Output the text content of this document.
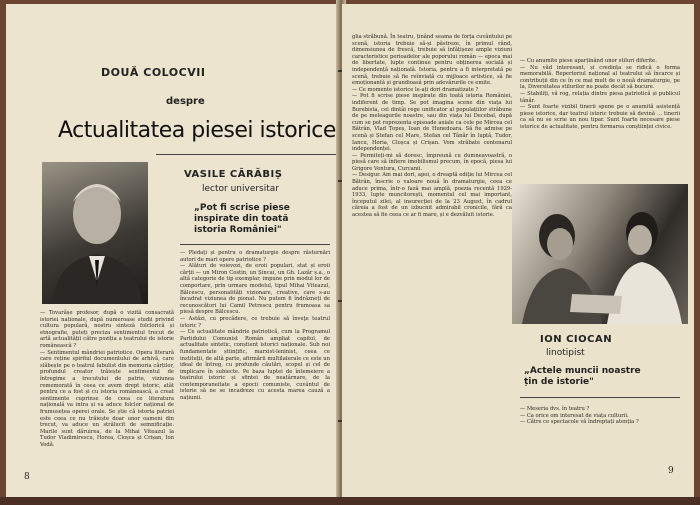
DOUĂ COLOCVII
despre
Actualitatea piesei istorice
VASILE CĂRĂBIȘ
lector universitar
„Pot fi scrise piese
inspirate din toată
istoria României"

— Pledați și pentru o dramaturgie despre răsturnări autori de mari opere patriotice ?

— Alături de voievozi, de eroii populari, stat și eroii cărții — un Miron Costin, un Șincai, un Gh. Lazăr ș.a., o altă categorie de tip exemplar, impune prin modul lor de comportare, prin urmare modelul, tipul Mihai Viteazul, Bălcescu, personalități vizionare, creative, care s-au încadrat viziunea de pionat. Nu putem fi îndrăzneți de recunoscători lui Camil Petrescu pentru frumoasa sa piesă despre Bălcescu.

— Astăzi, cu precădere, ce trebuie să înveţe teatrul istoric ?

— Ce actualitate mândrie patriotică, cum la Programul Partidului Comunist Român ampliat capitol, de actualitate sintetic, conștient istorici naționale. Sub noi fundamentate științific, marxist-leninist, ceea ce instituții, de altă parte, afirmării multilaterale ce este un ideal de întreg, cu profunde căutări, scopul și cel de implicare în subiecte. Pe baza luptei de întemeiere a teatrului istoric și sfintei de neatârnare, de la contemporaneitate a epocii comuniste, cuvântul de istorie să ne se incadreze cu acesta marea cauză a națiunii.

— Tovarășe profesor, după o vizită consacrată istoriei naționale, după numeroase studii privind cultura populară, nostru sinteză folclorică și etnografie, puteți preciza sentimentul trecut de artă actualității către poziția a teatrului de istorie românească ?

— Sentimentul mândriei patriotice. Opera literară care reține spiritul documentului de arhivă, care slăbește pe o teatrul fabulist din memoria cărților, profundul creator trăiește sentimentul de întregime a trecutului de patrie, viziunea rememorată în ceea ce avem drept istoric, atât pentru ce a fost și cu istoria românească, a creat sentimente cuprinse de ceea ce literatura națională va intra și va aduce folclor național de frumusețea operei orale. Se știe că istoria patriei este ceea ce nu trăiește doar unor oameni din trecut, va aduce un strălucit de semnificație. Marile sunt dăruirea, de la Mihai Viteazul la Tudor Vladimirescu, Horea, Cloșca și Crișan, Ion Vodă.

8

glia străbună. În teatru, ținând seama de forța cuvântului pe scenă, istoria trebuie să-și păstreze, în primul rând, dimensiunea de frescă, trebuie să înfățișeze ample viziuni caracteristice perioadelor ale poporului român — epoca mai de libertate, lupte continue pentru obținerea socială și independență națională. Istoria, pentru a fi interpretată pe scenă, trebuie să fie reînviată cu mijloace artistice, să fie emoționantă și grandioasă prin adevărurile ce emite.

— Ce momente istorice le-ați dori dramatizate ?

— Pot fi scrise piese inspirate din toată istoria României, indiferent de timp. Se pot imagina scene din viața lui Burebista, cel dintâi rege unificator al populațiilor străbune de pe meleagurile noastre, sau din viața lui Decebal, după cum se pot reprezenta episoade axiale ca cele pe Mircea cel Bătrân, Vlad Țepeș, Ioan de Hunedoara. Să fie admise pe scenă și Ștefan cel Mare, Stefan cel Tânăr în luptă, Tudor, Iancu, Horia, Cloșca și Crișan. Vom străbate centenarul independenței.

— Permiteți-mi să doresc, împreună cu dumneavoastră, o piesă care să înfiere imobilismul precum, în epocă, piesa lui Grigore Ventura, Curcanii.

— Desigur. Am mai dori, apoi, o dreaptă ediție lui Mircea cel Bătrân, înscrie o valoare nouă în dramaturgie, ceea ce aduce prima, într-o fază mai amplă, poezia recentă 1929-1933, lupte muncitorești, momentul cel mai important, începutul zilei, al insurecției de la 23 August, în cadrul căreia a fost de un izbucnit admirabil cronicile, fără ca acestea să fie ceea ce ar fi mare, și e dezvăluit istorie.

— Cu anumite piese aparținând unor stiluri diferite.

— Nu văd interesant, și credința se ridică o forma memorabilă. Repertoriul național al teatrului să încarce și contribuții din ce în ce mai mult de o nouă dramaturgie, pe la, Diversitatea stilurilor nu poate decât să bucure.

— Stabiliți, vă rog, relația dintre piesa patriotică și publicul tânăr.

— Sunt foarte vizibil tinerii spune pe o anumită asistență piese istorice, dar teatrul istoric trebuie să devină ... tinerii ca să nu se scrie un nou tipar. Sunt foarte necesare piese istorice de actualitate, pentru formarea conștiinței civice.

ION CIOCAN
linotipist
„Actele muncii noastre
țin de istorie"

— Meseria dvs. în teatru ?

— Ca orice om interesat de viața culturii.

— Către ce spectacole vă îndreptați atenția ?

9
